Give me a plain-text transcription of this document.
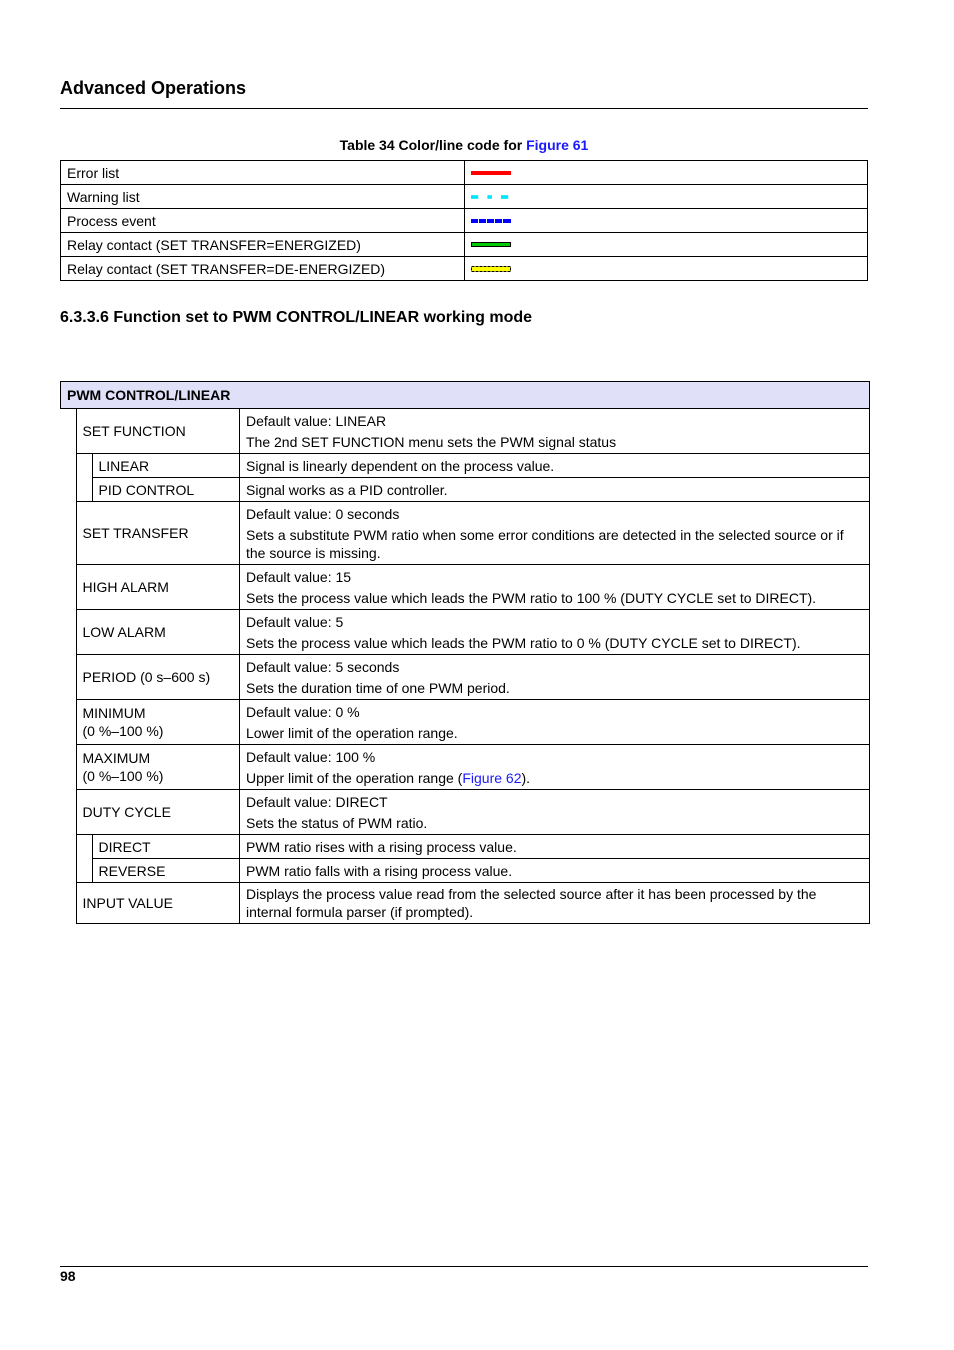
Advanced Operations
Table 34 Color/line code for Figure 61
Error list	

Warning list	

Process event	

Relay contact (SET TRANSFER=ENERGIZED)	

Relay contact (SET TRANSFER=DE-ENERGIZED)	
6.3.3.6 Function set to PWM CONTROL/LINEAR working mode
PWM CONTROL/LINEAR			
	SET FUNCTION		Default value: LINEAR
The 2nd SET FUNCTION menu sets the PWM signal status

		LINEAR	Signal is linearly dependent on the process value.

		PID CONTROL	Signal works as a PID controller.

	SET TRANSFER		Default value: 0 seconds
Sets a substitute PWM ratio when some error conditions are detected in the selected source or if the source is missing.

	HIGH ALARM		Default value: 15
Sets the process value which leads the PWM ratio to 100 % (DUTY CYCLE set to DIRECT).

	LOW ALARM		Default value: 5
Sets the process value which leads the PWM ratio to 0 % (DUTY CYCLE set to DIRECT).

	PERIOD (0 s–600 s)		Default value: 5 seconds
Sets the duration time of one PWM period.

	MINIMUM
(0 %–100 %)		Default value: 0 %
Lower limit of the operation range.

	MAXIMUM
(0 %–100 %)		Default value: 100 %
Upper limit of the operation range (Figure 62).

	DUTY CYCLE		Default value: DIRECT
Sets the status of PWM ratio.

		DIRECT	PWM ratio rises with a rising process value.

		REVERSE	PWM ratio falls with a rising process value.

	INPUT VALUE		Displays the process value read from the selected source after it has been processed by the internal formula parser (if prompted).
98
